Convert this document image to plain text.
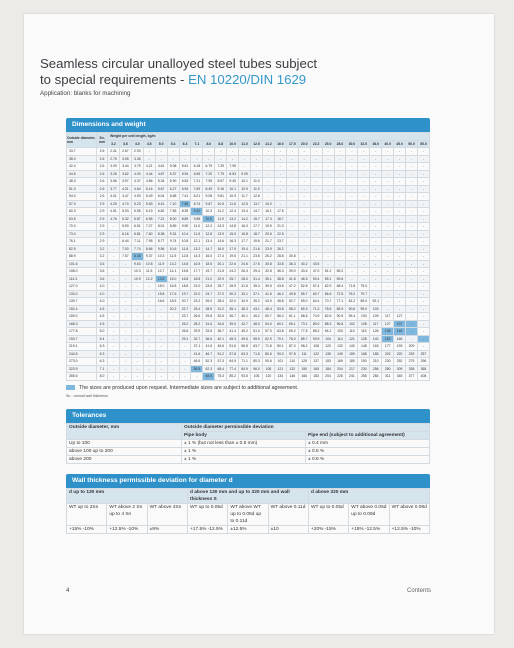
Seamless circular unalloyed steel tubes subject
to special requirements - EN 10220/DIN 1629
Application: blanks for machining
Dimensions and weight
Outside diameter, mm	Sn, mm	Weight per unit length, kg/m																										
		3.2	3.6	4.0	4.5	5.0	5.4	6.3	7.1	8.0	8.8	10.0	11.0	12.5	14.2	16.0	17.5	20.0	22.2	25.0	28.0	30.0	32.0	36.0	40.0	45.0	50.0	55.0
33.7	2.6	2.41	2.67	2.93	-	-	-	-	-	-	-	-	-	-	-	-	-	-	-	-	-	-	-	-	-	-	-	-
38.0	2.6	2.75	3.05	3.35	-	-	-	-	-	-	-	-	-	-	-	-	-	-	-	-	-	-	-	-	-	-	-	-
42.4	2.6	3.09	3.44	3.79	4.21	4.61	5.08	5.61	6.18	6.79	7.29	7.95	-	-	-	-	-	-	-	-	-	-	-	-	-	-	-	-
44.5	2.6	3.26	3.62	4.00	4.44	4.87	5.37	5.94	6.55	7.20	7.79	8.53	9.09	-	-	-	-	-	-	-	-	-	-	-	-	-	-	-
48.3	2.6	3.56	3.97	4.37	4.86	5.34	5.90	6.53	7.21	7.95	8.57	9.45	10.1	11.0	-	-	-	-	-	-	-	-	-	-	-	-	-	-
51.0	2.6	3.77	4.21	4.64	5.16	5.67	6.27	6.94	7.69	8.49	9.16	10.1	10.9	11.9	-	-	-	-	-	-	-	-	-	-	-	-	-	-
54.0	2.6	4.01	4.47	4.93	5.49	6.04	6.68	7.41	8.21	9.08	9.81	10.9	11.7	12.8	-	-	-	-	-	-	-	-	-	-	-	-	-	-
57.0	2.9	4.25	4.74	5.23	5.83	6.41	7.10	7.88	8.74	9.67	10.5	11.6	12.5	13.7	15.0	-	-	-	-	-	-	-	-	-	-	-	-	-
60.3	2.9	4.51	5.03	5.55	6.19	6.82	7.55	8.39	9.32	10.3	11.2	12.4	13.4	14.7	16.1	17.5	-	-	-	-	-	-	-	-	-	-	-	-
63.5	2.9	4.76	5.32	5.87	6.55	7.21	8.00	8.89	9.88	10.9	11.9	13.2	14.2	15.7	17.3	18.7	-	-	-	-	-	-	-	-	-	-	-	-
70.0	2.9	-	5.90	6.51	7.27	8.01	8.89	9.90	11.0	12.2	13.3	14.8	16.0	17.7	19.5	21.3	-	-	-	-	-	-	-	-	-	-	-	-
73.0	2.9	-	6.16	6.81	7.60	8.38	9.31	10.4	11.5	12.8	13.9	15.5	16.8	18.7	20.6	22.5	-	-	-	-	-	-	-	-	-	-	-	-
76.1	2.9	-	6.44	7.11	7.95	8.77	9.74	10.8	12.1	13.4	14.6	16.3	17.7	19.6	21.7	23.7	-	-	-	-	-	-	-	-	-	-	-	-
82.5	3.2	-	7.00	7.74	8.66	9.56	10.6	11.8	13.2	14.7	16.0	17.9	19.4	21.6	23.9	26.2	-	-	-	-	-	-	-	-	-	-	-	-
88.9	3.2	-	7.57	8.38	9.37	10.3	11.5	12.8	14.3	16.0	17.4	19.5	21.1	23.6	26.2	28.8	30.8	-	-	-	-	-	-	-	-	-	-	-
101.6	3.6	-	-	9.63	10.8	11.9	13.2	14.8	16.5	18.5	20.1	22.6	24.6	27.5	30.8	33.8	36.3	40.2	43.5	-	-	-	-	-	-	-	-	-
108.0	3.6	-	-	10.3	11.5	12.7	14.1	15.8	17.7	19.7	21.5	24.2	26.3	29.4	32.8	36.3	39.0	43.4	47.0	51.2	55.2	-	-	-	-	-	-	-
114.3	3.6	-	-	10.9	12.2	13.5	15.0	16.8	18.8	21.0	22.9	25.7	28.0	31.4	35.1	38.8	41.8	46.5	50.4	55.1	59.6	-	-	-	-	-	-	-
127.0	4.0	-	-	-	-	15.0	16.8	18.8	21.0	23.5	25.7	28.9	31.5	35.3	39.5	43.8	47.2	52.8	57.4	62.9	68.4	71.8	75.0	-	-	-	-	-
133.0	4.0	-	-	-	-	15.8	17.6	19.7	22.0	24.7	27.0	30.3	33.1	37.1	41.6	46.2	49.8	55.7	60.7	66.6	72.5	76.2	79.7	-	-	-	-	-
139.7	4.0	-	-	-	-	16.6	18.5	20.7	23.2	26.0	28.4	32.0	34.9	39.2	43.9	48.8	52.7	59.0	64.4	70.7	77.1	81.2	85.0	92.1	-	-	-	-
152.4	4.5	-	-	-	-	-	20.2	22.7	25.4	28.5	31.2	35.1	38.3	43.1	48.4	53.8	58.2	65.3	71.3	78.5	85.9	90.6	95.0	103	-	-	-	-
159.0	4.5	-	-	-	-	-	-	23.7	26.6	29.8	32.6	36.7	40.1	45.2	50.7	56.4	61.1	68.6	74.9	82.6	90.5	95.4	100	109	117	127	-	-
168.3	4.5	-	-	-	-	-	-	25.2	28.2	31.6	34.6	39.0	42.7	48.0	54.0	60.1	65.1	73.1	80.0	88.3	96.8	102	108	117	127	137	-	-
177.8	5.0	-	-	-	-	-	-	26.6	29.9	33.5	36.7	41.4	45.2	51.0	57.3	63.8	69.2	77.8	85.2	94.2	103	110	115	126	136	148	-	-
193.7	5.4	-	-	-	-	-	-	29.1	32.7	36.6	40.1	45.3	49.6	55.9	62.9	70.1	76.0	85.7	93.9	104	114	121	128	140	152	165	-	-
219.1	6.3	-	-	-	-	-	-	-	37.1	41.6	45.6	51.6	56.5	63.7	71.8	80.1	87.0	98.2	108	120	132	140	148	163	177	193	209	-
244.5	6.3	-	-	-	-	-	-	-	41.6	46.7	51.2	57.8	63.3	71.5	80.6	90.0	97.8	111	122	135	149	159	168	185	202	220	239	257
273.0	6.3	-	-	-	-	-	-	-	46.6	52.3	57.3	64.9	71.1	80.3	90.6	101	110	125	137	153	169	180	190	210	230	252	275	296
323.9	7.1	-	-	-	-	-	-	-	55.5	62.3	68.4	77.4	84.9	96.0	108	121	132	150	165	184	204	217	230	256	280	309	338	365
355.6	8.0	-	-	-	-	-	-	-	-	68.6	75.3	85.2	93.5	106	120	134	146	166	183	204	226	241	255	284	311	345	377	408
The sizes are produced upon request. Intermediate sizes are subject to additional agreement.
Sn - normal wall thickness
Tolerances
Outside diameter, mm	Outside diameter permissible deviation	
	Pipe body	Pipe end (subject to additional agreement)
Up to 100	± 1 % (but not less than ± 0.5 mm)	± 0.4 mm
above 100 up to 200	± 1 %	± 0.5 %
above 200	± 1 %	± 0.6 %
Wall thickness permissible deviation for diameter d
d up to 130 mm			d above 130 mm and up to 320 mm and wall thickness S			d above 320 mm		
WT up to 2Sn	WT above 2 Sn up to 4 Sn	WT above 4Sn	WT up to 0.05d	WT above WT up to 0.05d up to 0.11d	WT above 0.11d	WT up to 0.05d	WT above 0.05d up to 0.09d	WT above 0.09d
+15% -10%	+12.5% -10%	±9%	+17.5% -12.5%	±12.5%	±10	+20% -15%	+15% -12.5%	+12.5% -10%
4	Contents
